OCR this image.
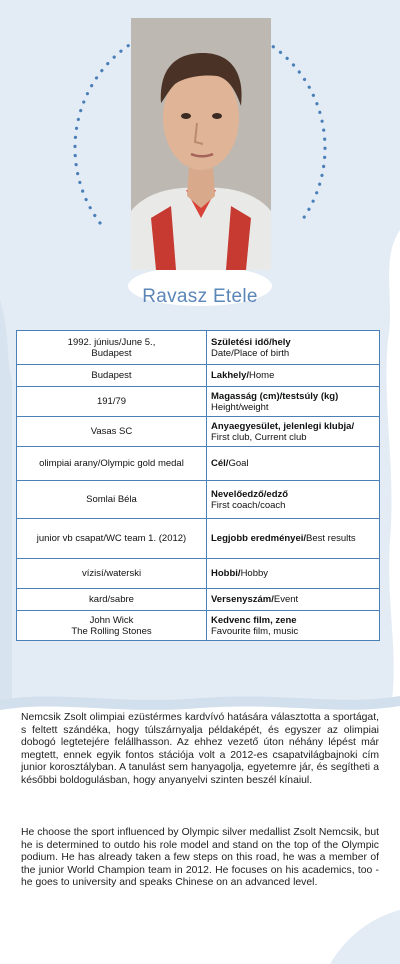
Ravasz Etele
1992. június/June 5.,
Budapest	Születési idő/hely
Date/Place of birth

Budapest	Lakhely/Home

191/79	Magasság (cm)/testsúly (kg)
Height/weight

Vasas SC	Anyaegyesület, jelenlegi klubja/
First club, Current club

olimpiai arany/Olympic gold medal	Cél/Goal

Somlai Béla	Nevelőedző/edző
First coach/coach

junior vb csapat/WC team 1. (2012)	Legjobb eredményei/Best results

vízisí/waterski	Hobbi/Hobby

kard/sabre	Versenyszám/Event

John Wick
The Rolling Stones	Kedvenc film, zene
Favourite film, music

Nemcsik Zsolt olimpiai ezüstérmes kardvívó hatására választotta a sportágat, s feltett szándéka, hogy túlszárnyalja példaképét, és egyszer az olimpiai dobogó legtetejére felállhasson. Az ehhez vezető úton néhány lépést már megtett, ennek egyik fontos stációja volt a 2012-es csapatvilágbajnoki cím junior korosztályban. A tanulást sem hanyagolja, egyetemre jár, és segítheti a későbbi boldogulásban, hogy anyanyelvi szinten beszél kínaiul.

He choose the sport influenced by Olympic silver medallist Zsolt Nemcsik, but he is determined to outdo his role model and stand on the top of the Olympic podium. He has already taken a few steps on this road, he was a member of the junior World Champion team in 2012. He focuses on his academics, too - he goes to university and speaks Chinese on an advanced level.
